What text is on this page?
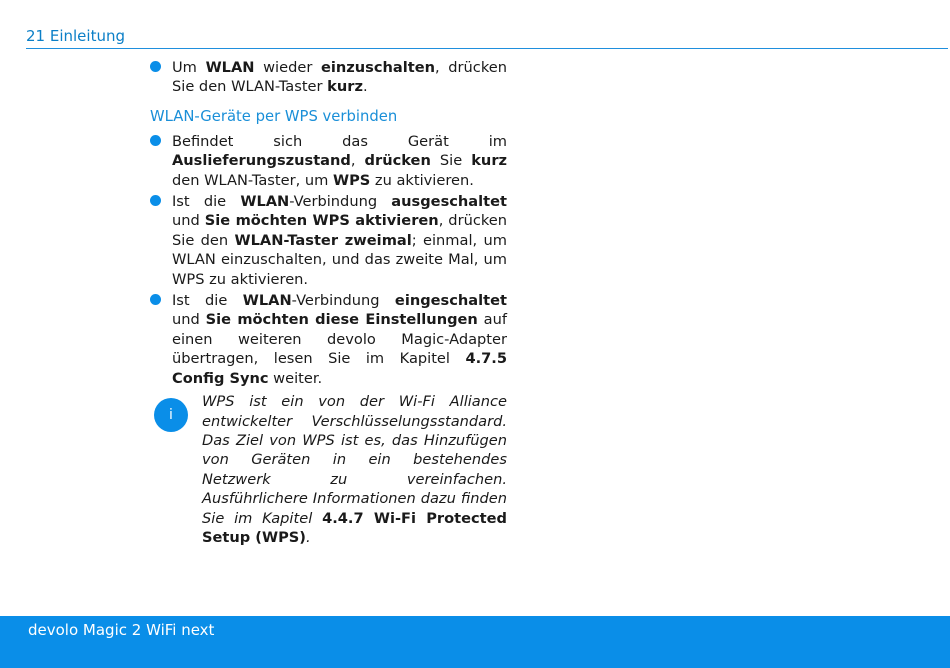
21 Einleitung
Um WLAN wieder einzuschalten, drücken Sie den WLAN-Taster kurz.
WLAN-Geräte per WPS verbinden
Befindet sich das Gerät im Auslieferungszustand, drücken Sie kurz den WLAN-Taster, um WPS zu aktivieren.
Ist die WLAN-Verbindung ausgeschaltet und Sie möchten WPS aktivieren, drücken Sie den WLAN-Taster zweimal; einmal, um WLAN einzuschalten, und das zweite Mal, um WPS zu aktivieren.
Ist die WLAN-Verbindung eingeschaltet und Sie möchten diese Einstellungen auf einen weiteren devolo Magic-Adapter übertragen, lesen Sie im Kapitel 4.7.5 Config Sync weiter.
i
WPS ist ein von der Wi-Fi Alliance entwickelter Verschlüsselungsstandard. Das Ziel von WPS ist es, das Hinzufügen von Geräten in ein bestehendes Netzwerk zu vereinfachen. Ausführlichere Informationen dazu finden Sie im Kapitel 4.4.7 Wi-Fi Protected Setup (WPS).
devolo Magic 2 WiFi next
